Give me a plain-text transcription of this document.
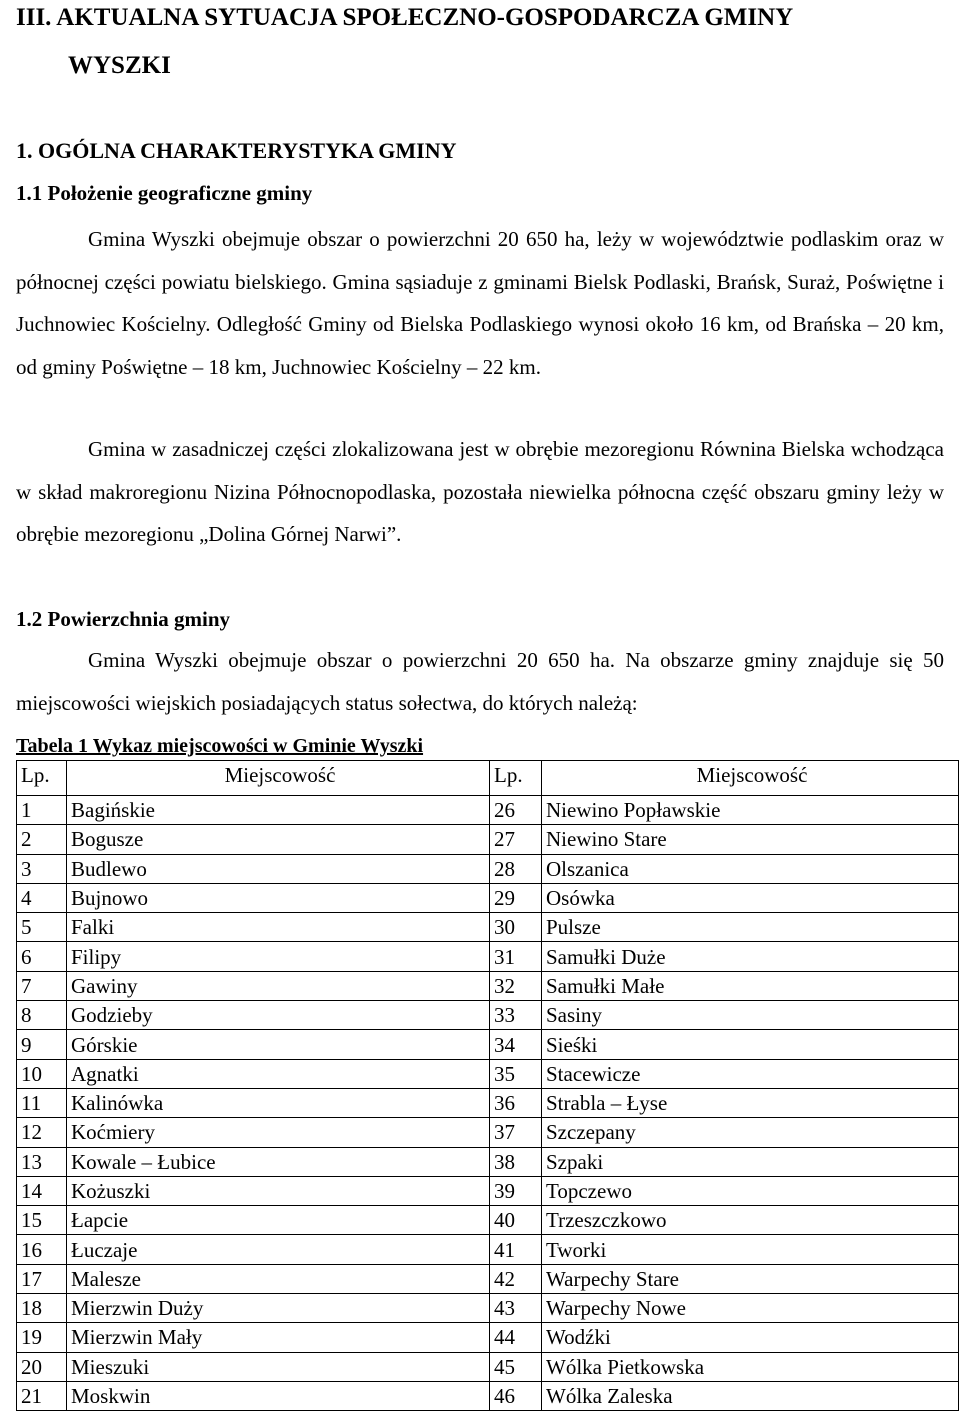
III. AKTUALNA SYTUACJA SPOŁECZNO-GOSPODARCZA GMINY
WYSZKI
1. OGÓLNA CHARAKTERYSTYKA GMINY
1.1 Położenie geograficzne gminy
Gmina Wyszki obejmuje obszar o powierzchni 20 650 ha, leży w województwie podlaskim oraz w północnej części powiatu bielskiego. Gmina sąsiaduje z gminami Bielsk Podlaski, Brańsk, Suraż, Poświętne i Juchnowiec Kościelny. Odległość Gminy od Bielska Podlaskiego wynosi około 16 km, od Brańska – 20 km, od gminy Poświętne – 18 km, Juchnowiec Kościelny – 22 km.
Gmina w zasadniczej części zlokalizowana jest w obrębie mezoregionu Równina Bielska wchodząca w skład makroregionu Nizina Północnopodlaska, pozostała niewielka północna część obszaru gminy leży w obrębie mezoregionu „Dolina Górnej Narwi”.
1.2 Powierzchnia gminy
Gmina Wyszki obejmuje obszar o powierzchni 20 650 ha. Na obszarze gminy znajduje się 50 miejscowości wiejskich posiadających status sołectwa, do których należą:
Tabela 1 Wykaz miejscowości w Gminie Wyszki
Lp.	Miejscowość	Lp.	Miejscowość
1	Bagińskie	26	Niewino Popławskie
2	Bogusze	27	Niewino Stare
3	Budlewo	28	Olszanica
4	Bujnowo	29	Osówka
5	Falki	30	Pulsze
6	Filipy	31	Samułki Duże
7	Gawiny	32	Samułki Małe
8	Godzieby	33	Sasiny
9	Górskie	34	Sieśki
10	Agnatki	35	Stacewicze
11	Kalinówka	36	Strabla – Łyse
12	Koćmiery	37	Szczepany
13	Kowale – Łubice	38	Szpaki
14	Kożuszki	39	Topczewo
15	Łapcie	40	Trzeszczkowo
16	Łuczaje	41	Tworki
17	Malesze	42	Warpechy Stare
18	Mierzwin Duży	43	Warpechy Nowe
19	Mierzwin Mały	44	Wodźki
20	Mieszuki	45	Wólka Pietkowska
21	Moskwin	46	Wólka Zaleska
